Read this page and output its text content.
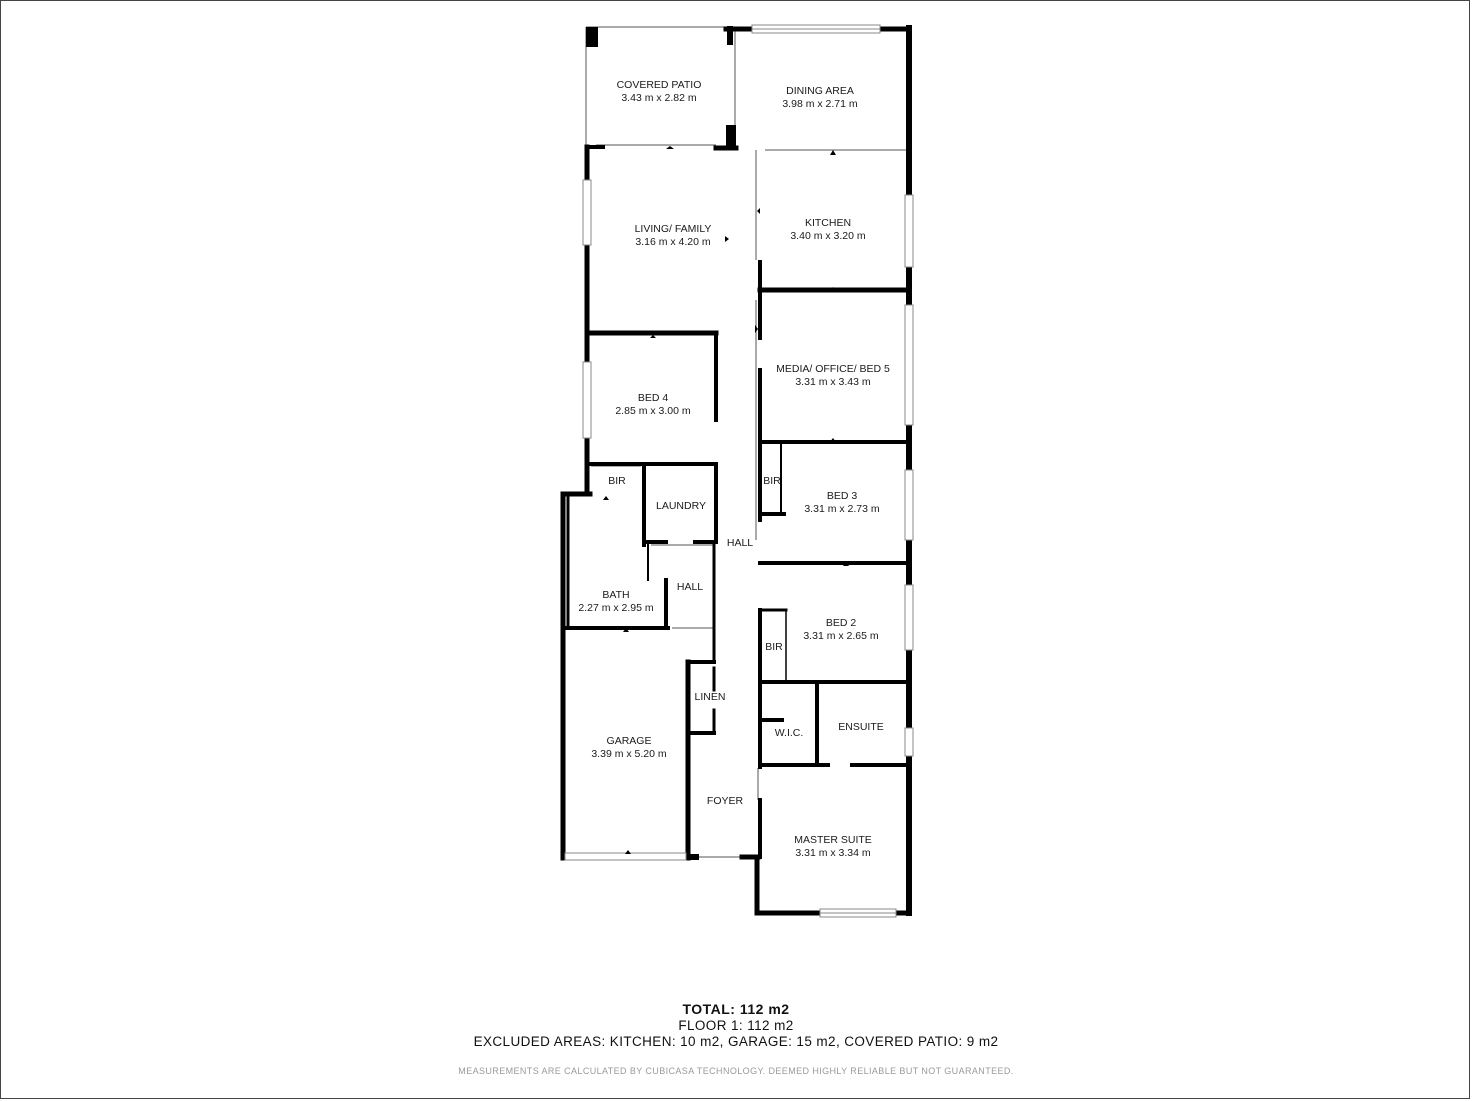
COVERED PATIO
3.43 m x 2.82 m
DINING AREA
3.98 m x 2.71 m
LIVING/ FAMILY
3.16 m x 4.20 m
KITCHEN
3.40 m x 3.20 m
MEDIA/ OFFICE/ BED 5
3.31 m x 3.43 m
BED 4
2.85 m x 3.00 m
BIR
LAUNDRY
BED 3
3.31 m x 2.73 m
BIR
HALL
HALL
BATH
2.27 m x 2.95 m
BED 2
3.31 m x 2.65 m
BIR
LINEN
GARAGE
3.39 m x 5.20 m
W.I.C.	ENSUITE
FOYER
MASTER SUITE
3.31 m x 3.34 m
TOTAL: 112 m2
FLOOR 1: 112 m2
EXCLUDED AREAS: KITCHEN: 10 m2, GARAGE: 15 m2, COVERED PATIO: 9 m2
MEASUREMENTS ARE CALCULATED BY CUBICASA TECHNOLOGY. DEEMED HIGHLY RELIABLE BUT NOT GUARANTEED.
